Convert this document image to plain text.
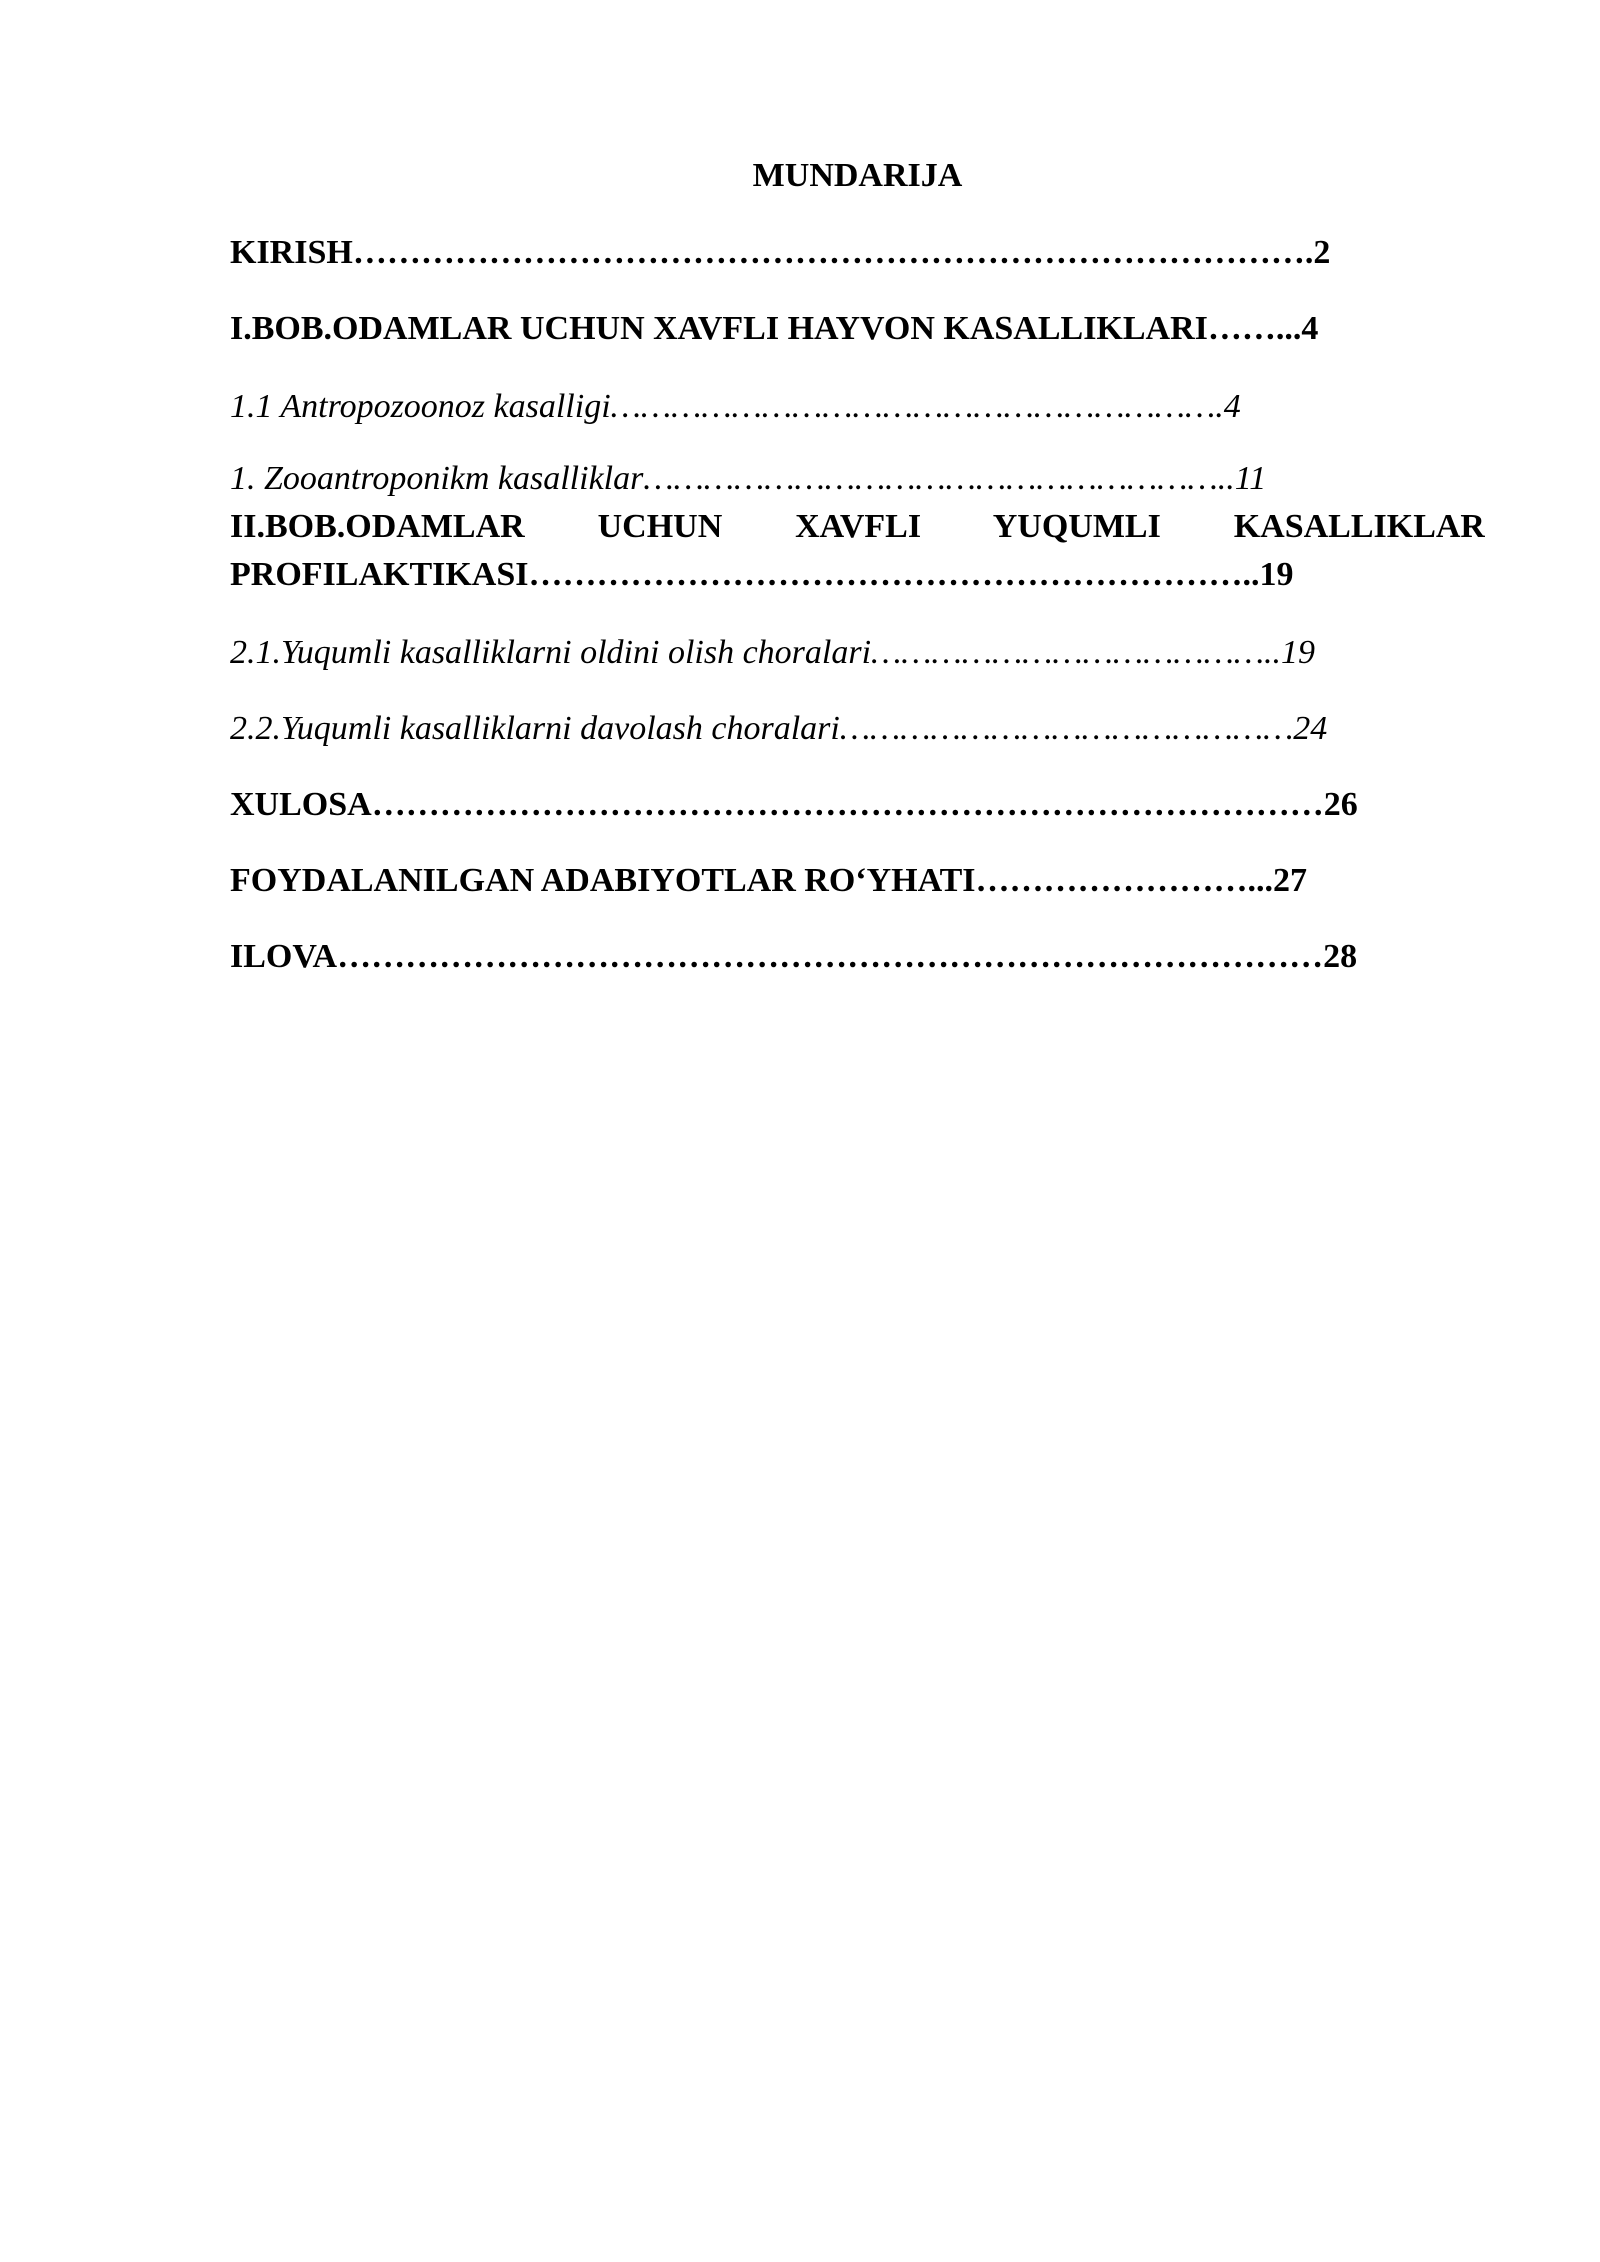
MUNDARIJA
KIRISH………………………………………………………………………….2
I.BOB.ODAMLAR UCHUN XAVFLI HAYVON KASALLIKLARI……...4
1.1 Antropozoonoz kasalligi…………………………………………………….4
1. Zooantroponikm kasalliklar…………………………………………………..11
II.BOB.ODAMLAR UCHUN XAVFLI YUQUMLI KASALLIKLAR
PROFILAKTIKASI………………………………………………………..19
2.1.Yuqumli kasalliklarni oldini olish choralari…………………………………..19
2.2.Yuqumli kasalliklarni davolash choralari………………………………………24
XULOSA…………………………………………………………………………26
FOYDALANILGAN ADABIYOTLAR RO‘YHATI……………………...27
ILOVA……………………………………………………………………………28
